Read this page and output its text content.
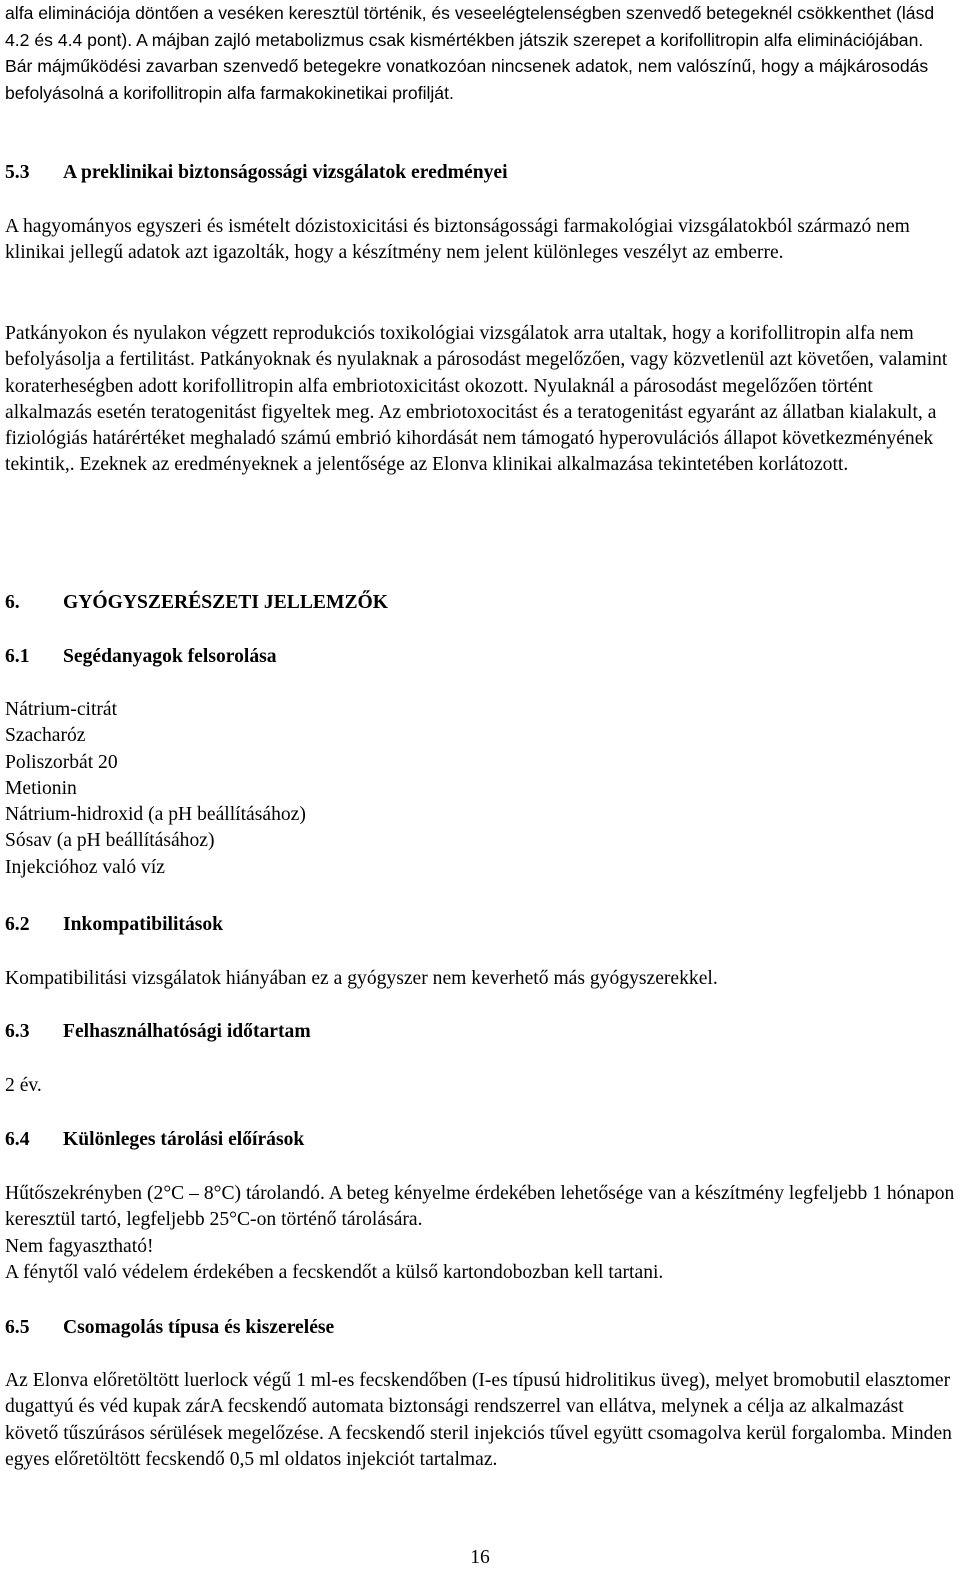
alfa eliminációja döntően a veséken keresztül történik, és veseelégtelenségben szenvedő betegeknél csökkenthet (lásd 4.2 és 4.4 pont). A májban zajló metabolizmus csak kismértékben játszik szerepet a korifollitropin alfa eliminációjában. Bár májműködési zavarban szenvedő betegekre vonatkozóan nincsenek adatok, nem valószínű, hogy a májkárosodás befolyásolná a korifollitropin alfa farmakokinetikai profilját.

5.3 A preklinikai biztonságossági vizsgálatok eredményei

A hagyományos egyszeri és ismételt dózistoxicitási és biztonságossági farmakológiai vizsgálatokból származó nem klinikai jellegű adatok azt igazolták, hogy a készítmény nem jelent különleges veszélyt az emberre.

Patkányokon és nyulakon végzett reprodukciós toxikológiai vizsgálatok arra utaltak, hogy a korifollitropin alfa nem befolyásolja a fertilitást. Patkányoknak és nyulaknak a párosodást megelőzően, vagy közvetlenül azt követően, valamint koraterheségben adott korifollitropin alfa embriotoxicitást okozott. Nyulaknál a párosodást megelőzően történt alkalmazás esetén teratogenitást figyeltek meg. Az embriotoxocitást és a teratogenitást egyaránt az állatban kialakult, a fiziológiás határértéket meghaladó számú embrió kihordását nem támogató hyperovulációs állapot következményének tekintik,. Ezeknek az eredményeknek a jelentősége az Elonva klinikai alkalmazása tekintetében korlátozott.

6. GYÓGYSZERÉSZETI JELLEMZŐK
6.1 Segédanyagok felsorolása
Nátrium-citrát
Szacharóz
Poliszorbát 20
Metionin
Nátrium-hidroxid (a pH beállításához)
Sósav (a pH beállításához)
Injekcióhoz való víz
6.2 Inkompatibilitások

Kompatibilitási vizsgálatok hiányában ez a gyógyszer nem keverhető más gyógyszerekkel.

6.3 Felhasználhatósági időtartam

2 év.

6.4 Különleges tárolási előírások

Hűtőszekrényben (2°C – 8°C) tárolandó. A beteg kényelme érdekében lehetősége van a készítmény legfeljebb 1 hónapon keresztül tartó, legfeljebb 25°C-on történő tárolására.

Nem fagyasztható!

A fénytől való védelem érdekében a fecskendőt a külső kartondobozban kell tartani.

6.5 Csomagolás típusa és kiszerelése

Az Elonva előretöltött luerlock végű 1 ml-es fecskendőben (I-es típusú hidrolitikus üveg), melyet bromobutil elasztomer dugattyú és véd kupak zárA fecskendő automata biztonsági rendszerrel van ellátva, melynek a célja az alkalmazást követő tűszúrásos sérülések megelőzése. A fecskendő steril injekciós tűvel együtt csomagolva kerül forgalomba. Minden egyes előretöltött fecskendő 0,5 ml oldatos injekciót tartalmaz.

16
